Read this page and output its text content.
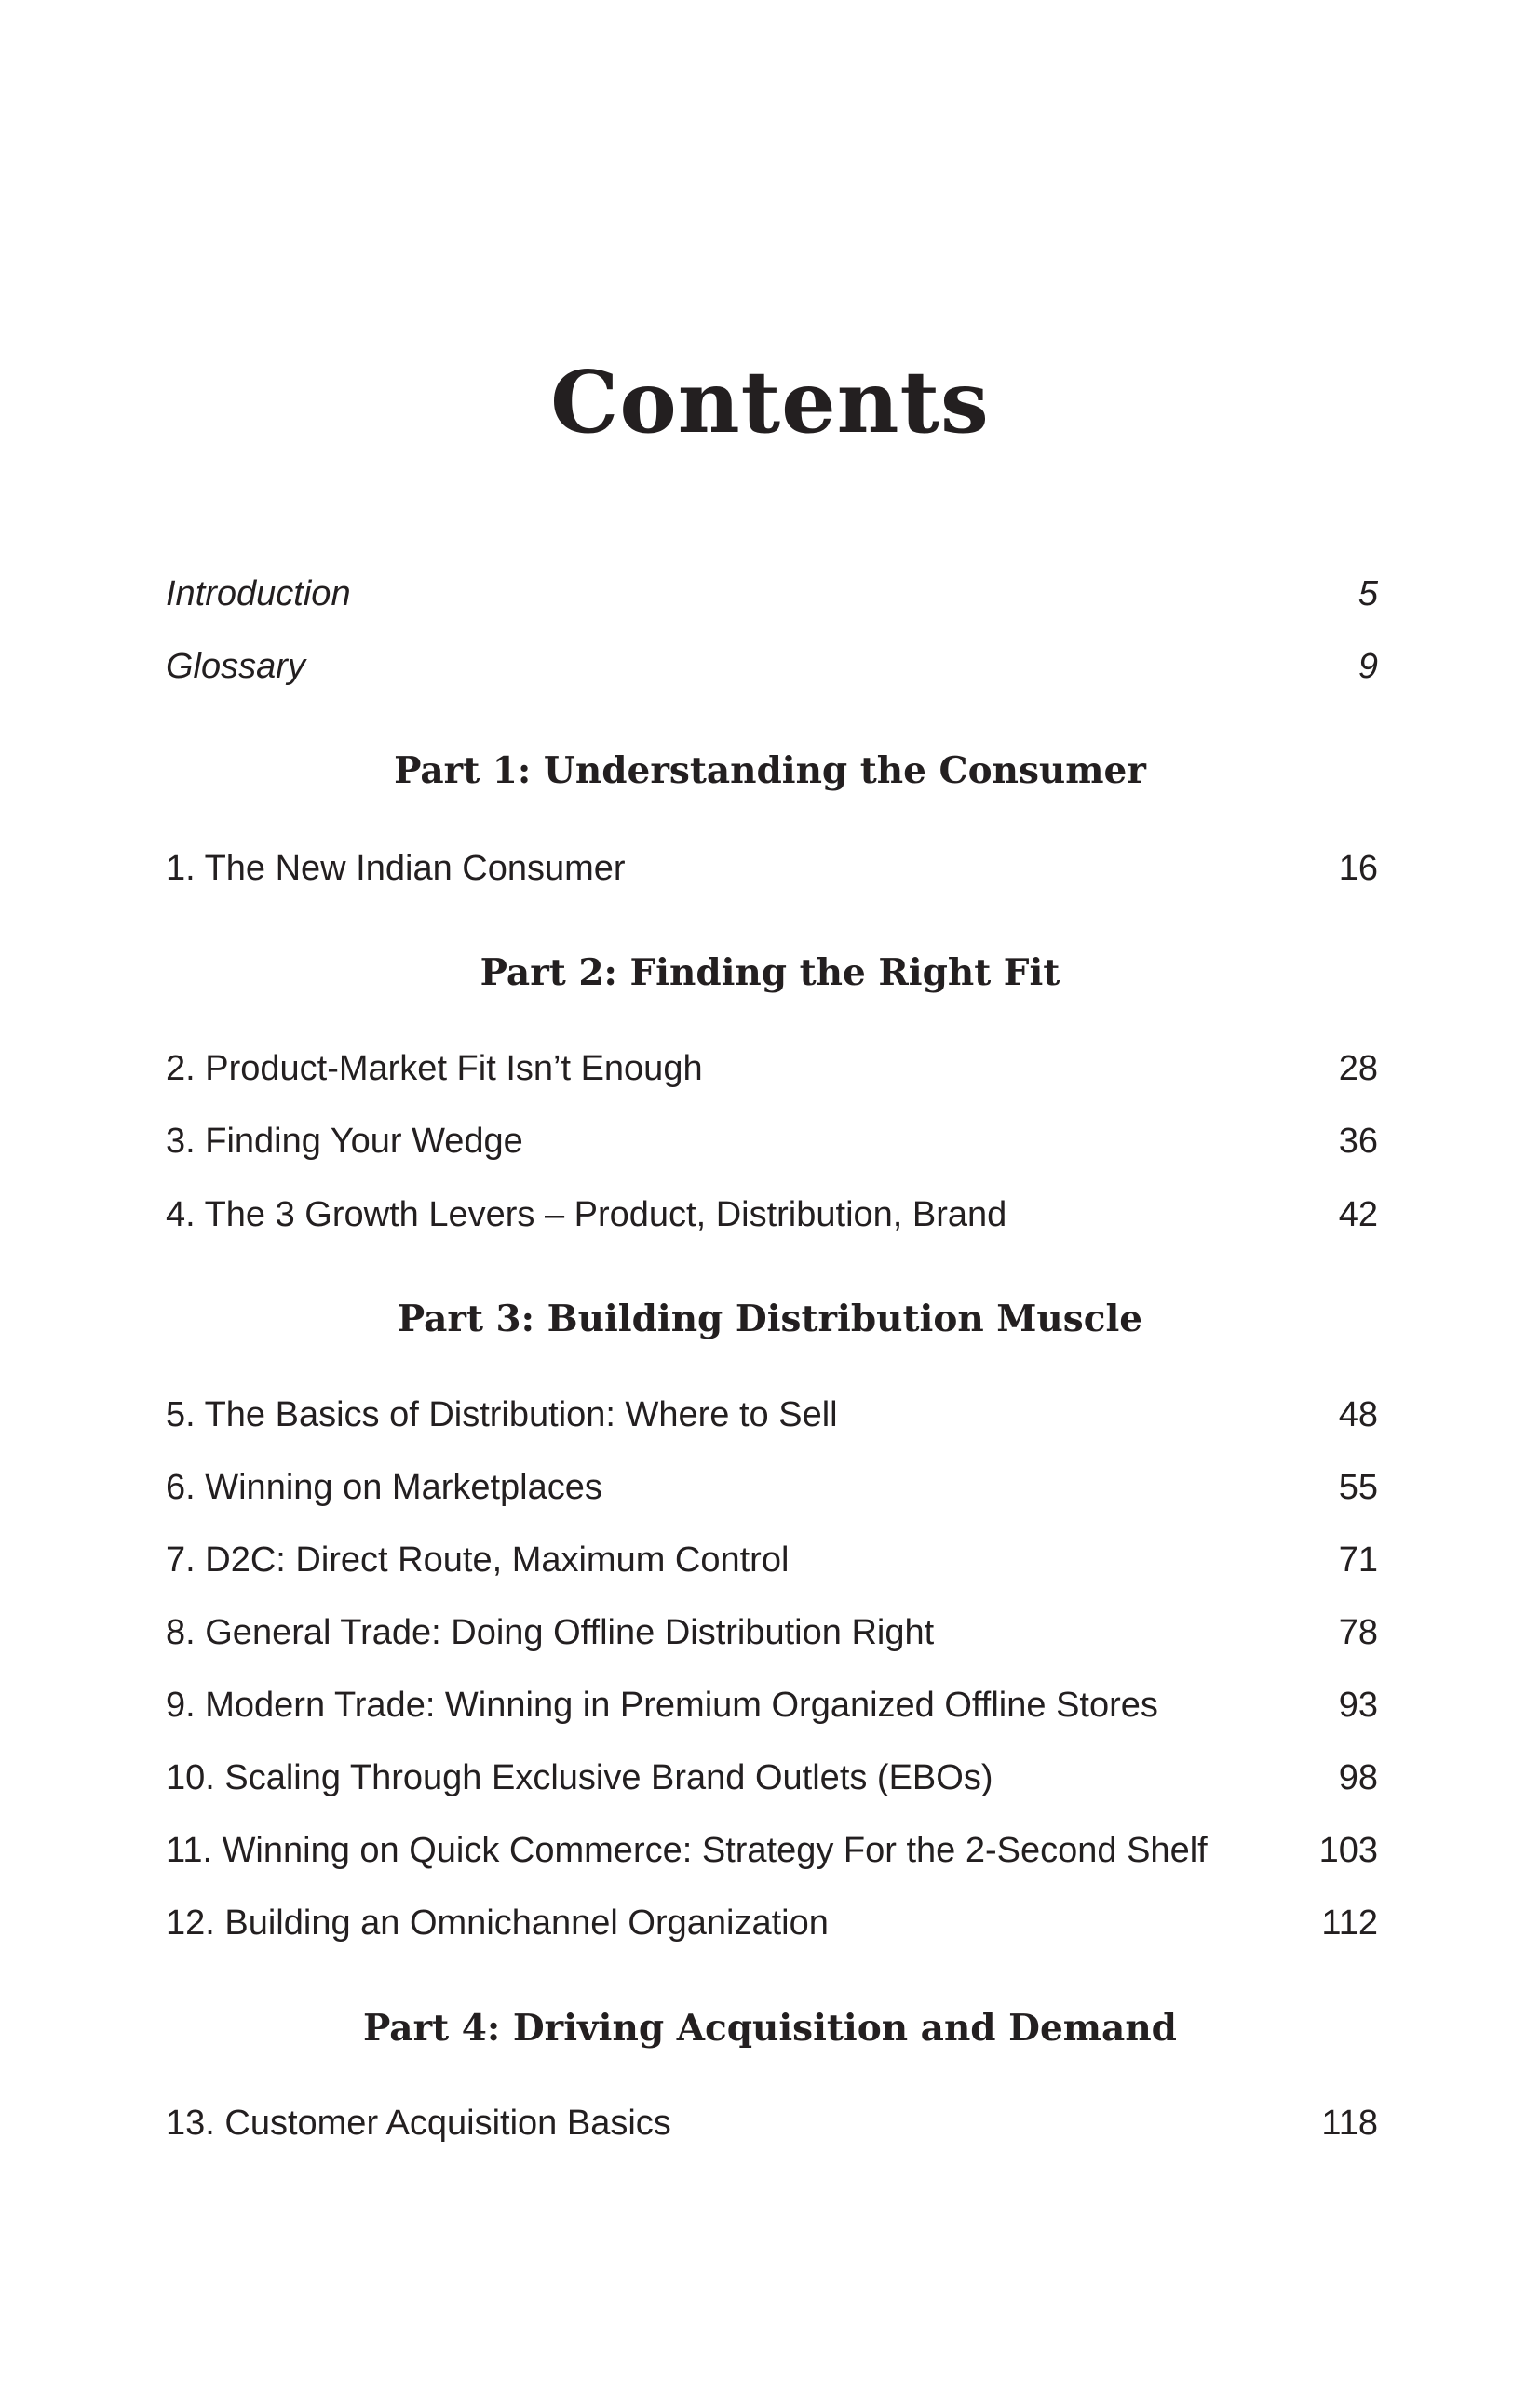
Contents
Introduction	5
Glossary	9
Part 1: Understanding the Consumer
1. The New Indian Consumer	16
Part 2: Finding the Right Fit
2. Product-Market Fit Isn’t Enough	28
3. Finding Your Wedge	36
4. The 3 Growth Levers – Product, Distribution, Brand	42
Part 3: Building Distribution Muscle
5. The Basics of Distribution: Where to Sell	48
6. Winning on Marketplaces	55
7. D2C: Direct Route, Maximum Control	71
8. General Trade: Doing Offline Distribution Right	78
9. Modern Trade: Winning in Premium Organized Offline Stores	93
10. Scaling Through Exclusive Brand Outlets (EBOs)	98
11. Winning on Quick Commerce: Strategy For the 2-Second Shelf	103
12. Building an Omnichannel Organization	112
Part 4: Driving Acquisition and Demand
13. Customer Acquisition Basics	118
